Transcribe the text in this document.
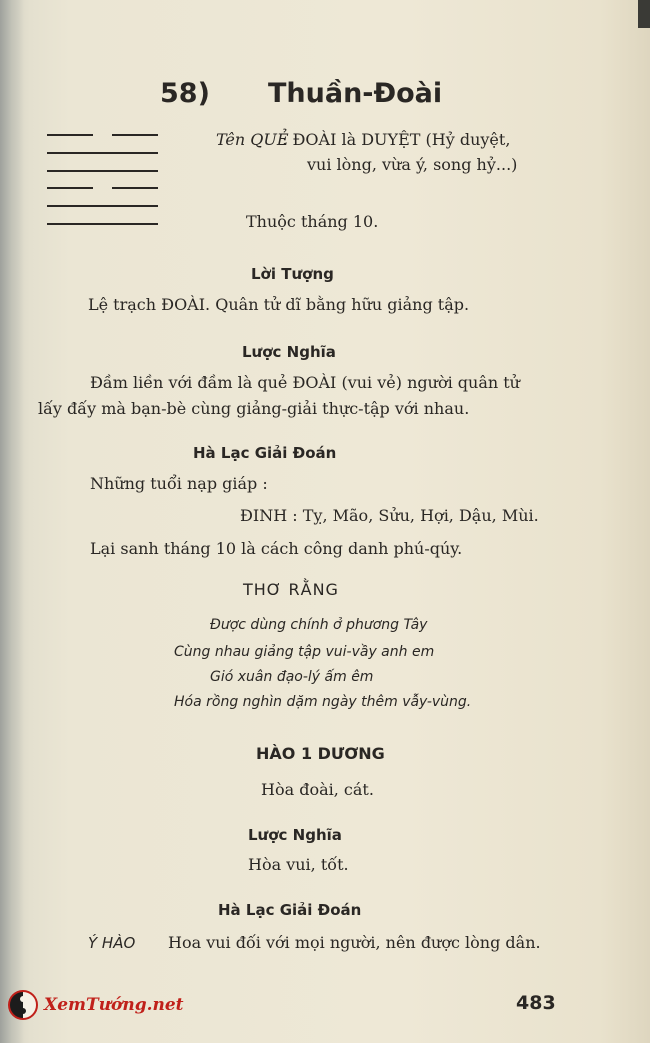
58) Thuần-Đoài
Tên QUẺ
: ĐOÀI là DUYỆT (Hỷ duyệt,
vui lòng, vừa ý, song hỷ...)
Thuộc tháng 10.
Lời Tượng
Lệ trạch ĐOÀI. Quân tử dĩ bằng hữu giảng tập.
Lược Nghĩa
Đầm liền với đầm là quẻ ĐOÀI (vui vẻ) người quân tử
lấy đấy mà bạn-bè cùng giảng-giải thực-tập với nhau.
Hà Lạc Giải Đoán
Những tuổi nạp giáp :
ĐINH : Tỵ, Mão, Sửu, Hợi, Dậu, Mùi.
Lại sanh tháng 10 là cách công danh phú-qúy.
THƠ RẰNG
Được dùng chính ở phương Tây
Cùng nhau giảng tập vui-vầy anh em
Gió xuân đạo-lý ấm êm
Hóa rồng nghìn dặm ngày thêm vẫy-vùng.
HÀO 1 DƯƠNG
Hòa đoài, cát.
Lược Nghĩa
Hòa vui, tốt.
Hà Lạc Giải Đoán
Ý HÀO Hoa vui đối với mọi người, nên được lòng dân.
483
XemTướng.net
